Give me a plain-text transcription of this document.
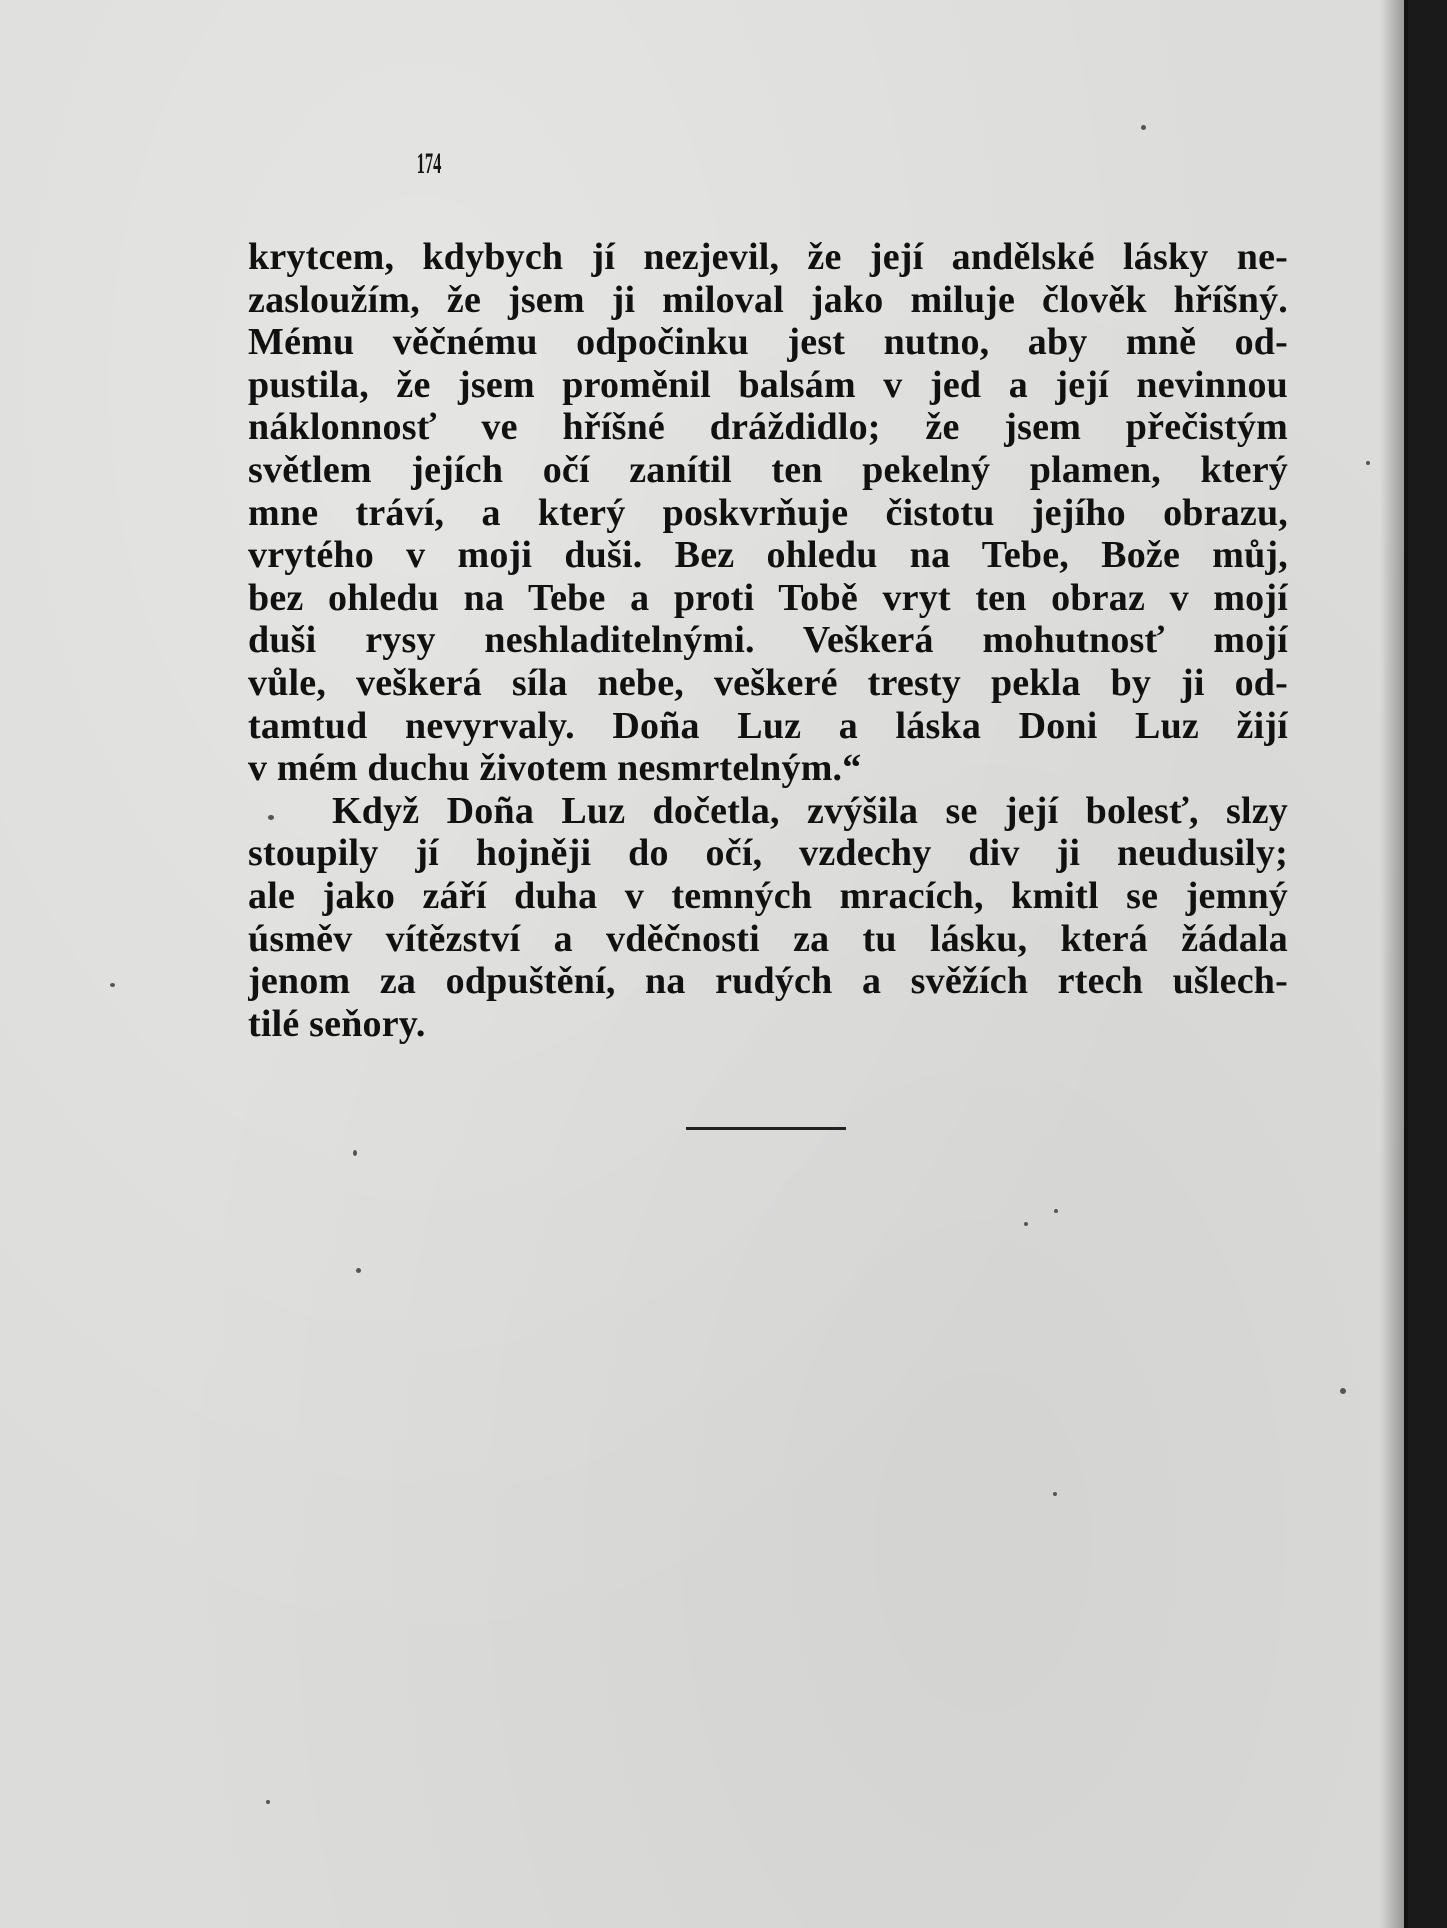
174
krytcem, kdybych jí nezjevil, že její andělské lásky ne-
zasloužím, že jsem ji miloval jako miluje člověk hříšný.
Mému věčnému odpočinku jest nutno, aby mně od-
pustila, že jsem proměnil balsám v jed a její nevinnou
náklonnosť ve hříšné dráždidlo; že jsem přečistým
světlem jejích očí zanítil ten pekelný plamen, který
mne tráví, a který poskvrňuje čistotu jejího obrazu,
vrytého v moji duši. Bez ohledu na Tebe, Bože můj,
bez ohledu na Tebe a proti Tobě vryt ten obraz v mojí
duši rysy neshladitelnými. Veškerá mohutnosť mojí
vůle, veškerá síla nebe, veškeré tresty pekla by ji od-
tamtud nevyrvaly. Doña Luz a láska Doni Luz žijí
v mém duchu životem nesmrtelným.“
Když Doña Luz dočetla, zvýšila se její bolesť, slzy
stoupily jí hojněji do očí, vzdechy div ji neudusily;
ale jako září duha v temných mracích, kmitl se jemný
úsměv vítězství a vděčnosti za tu lásku, která žádala
jenom za odpuštění, na rudých a svěžích rtech ušlech-
tilé seňory.
